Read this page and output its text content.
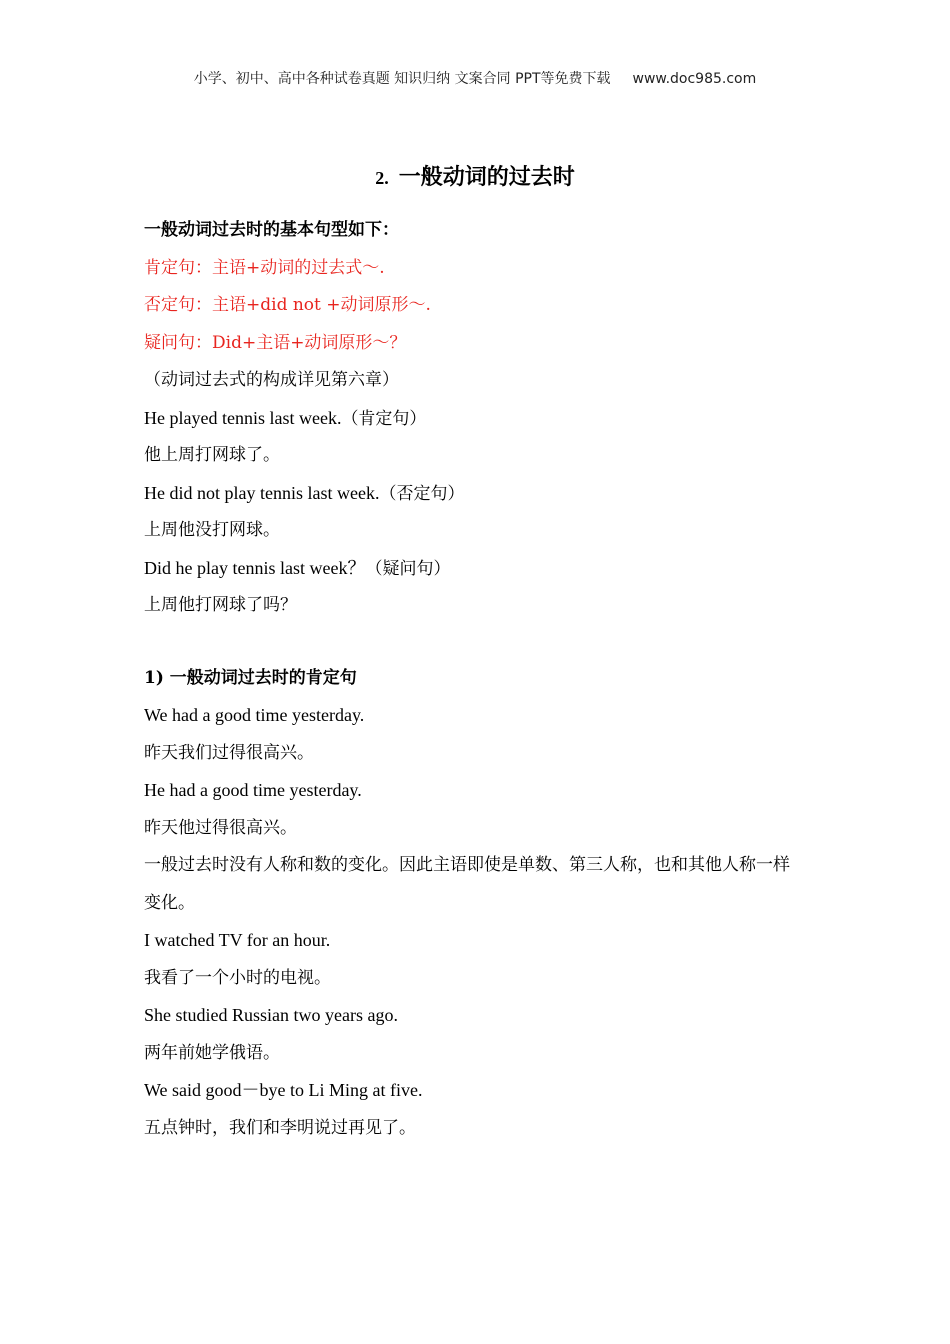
小学、初中、高中各种试卷真题 知识归纳 文案合同 PPT等免费下载 www.doc985.com
2. 一般动词的过去时
一般动词过去时的基本句型如下：
肯定句：主语+动词的过去式～.
否定句：主语+did not +动词原形～.
疑问句：Did+主语+动词原形～？
（动词过去式的构成详见第六章）
He played tennis last week.（肯定句）
他上周打网球了。
He did not play tennis last week.（否定句）
上周他没打网球。
Did he play tennis last week？（疑问句）
上周他打网球了吗？
1) 一般动词过去时的肯定句
We had a good time yesterday.
昨天我们过得很高兴。
He had a good time yesterday.
昨天他过得很高兴。
一般过去时没有人称和数的变化。因此主语即使是单数、第三人称，也和其他人称一样变化。
I watched TV for an hour.
我看了一个小时的电视。
She studied Russian two years ago.
两年前她学俄语。
We said good－bye to Li Ming at five.
五点钟时，我们和李明说过再见了。
